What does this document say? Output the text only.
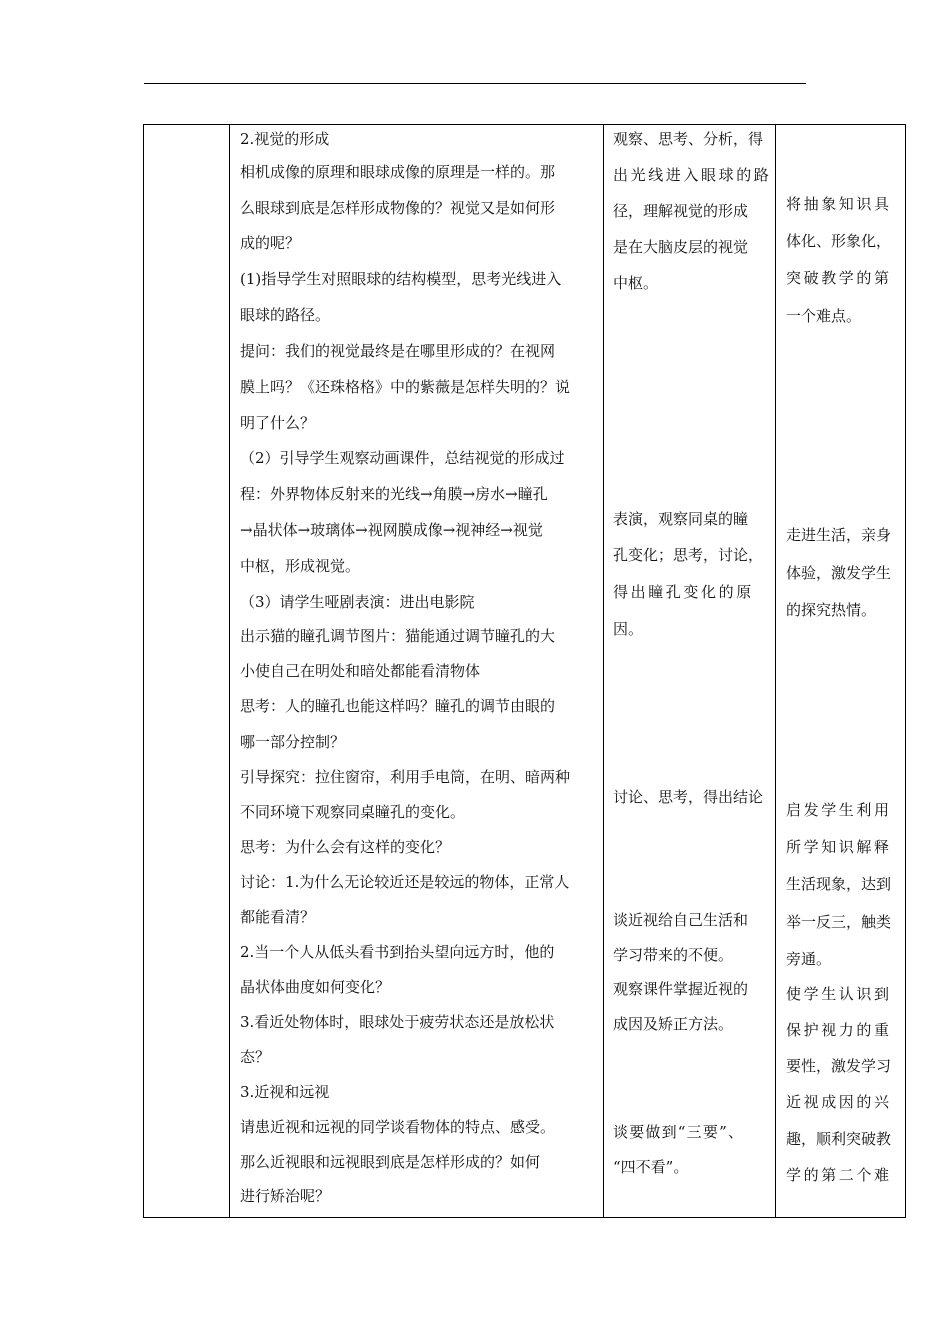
2.视觉的形成
相机成像的原理和眼球成像的原理是一样的。那
么眼球到底是怎样形成物像的？视觉又是如何形
成的呢？
(1)指导学生对照眼球的结构模型，思考光线进入
眼球的路径。
提问：我们的视觉最终是在哪里形成的？在视网
膜上吗？《还珠格格》中的紫薇是怎样失明的？说
明了什么？
（2）引导学生观察动画课件，总结视觉的形成过
程：外界物体反射来的光线→角膜→房水→瞳孔
→晶状体→玻璃体→视网膜成像→视神经→视觉
中枢，形成视觉。
（3）请学生哑剧表演：进出电影院
出示猫的瞳孔调节图片：猫能通过调节瞳孔的大
小使自己在明处和暗处都能看清物体
思考：人的瞳孔也能这样吗？瞳孔的调节由眼的
哪一部分控制？
引导探究：拉住窗帘，利用手电筒，在明、暗两种
不同环境下观察同桌瞳孔的变化。
思考：为什么会有这样的变化？
讨论：1.为什么无论较近还是较远的物体，正常人
都能看清？
2.当一个人从低头看书到抬头望向远方时，他的
晶状体曲度如何变化？
3.看近处物体时，眼球处于疲劳状态还是放松状
态？
3.近视和远视
请患近视和远视的同学谈看物体的特点、感受。
那么近视眼和远视眼到底是怎样形成的？如何
进行矫治呢？
观察、思考、分析，得
出光线进入眼球的路
径，理解视觉的形成
是在大脑皮层的视觉
中枢。
表演，观察同桌的瞳
孔变化；思考，讨论，
得出瞳孔变化的原
因。
讨论、思考，得出结论
谈近视给自己生活和
学习带来的不便。
观察课件掌握近视的
成因及矫正方法。
谈要做到“三要”、
“四不看”。
将抽象知识具
体化、形象化，
突破教学的第
一个难点。
走进生活，亲身
体验，激发学生
的探究热情。
启发学生利用
所学知识解释
生活现象，达到
举一反三，触类
旁通。
使学生认识到
保护视力的重
要性，激发学习
近视成因的兴
趣，顺利突破教
学的第二个难
